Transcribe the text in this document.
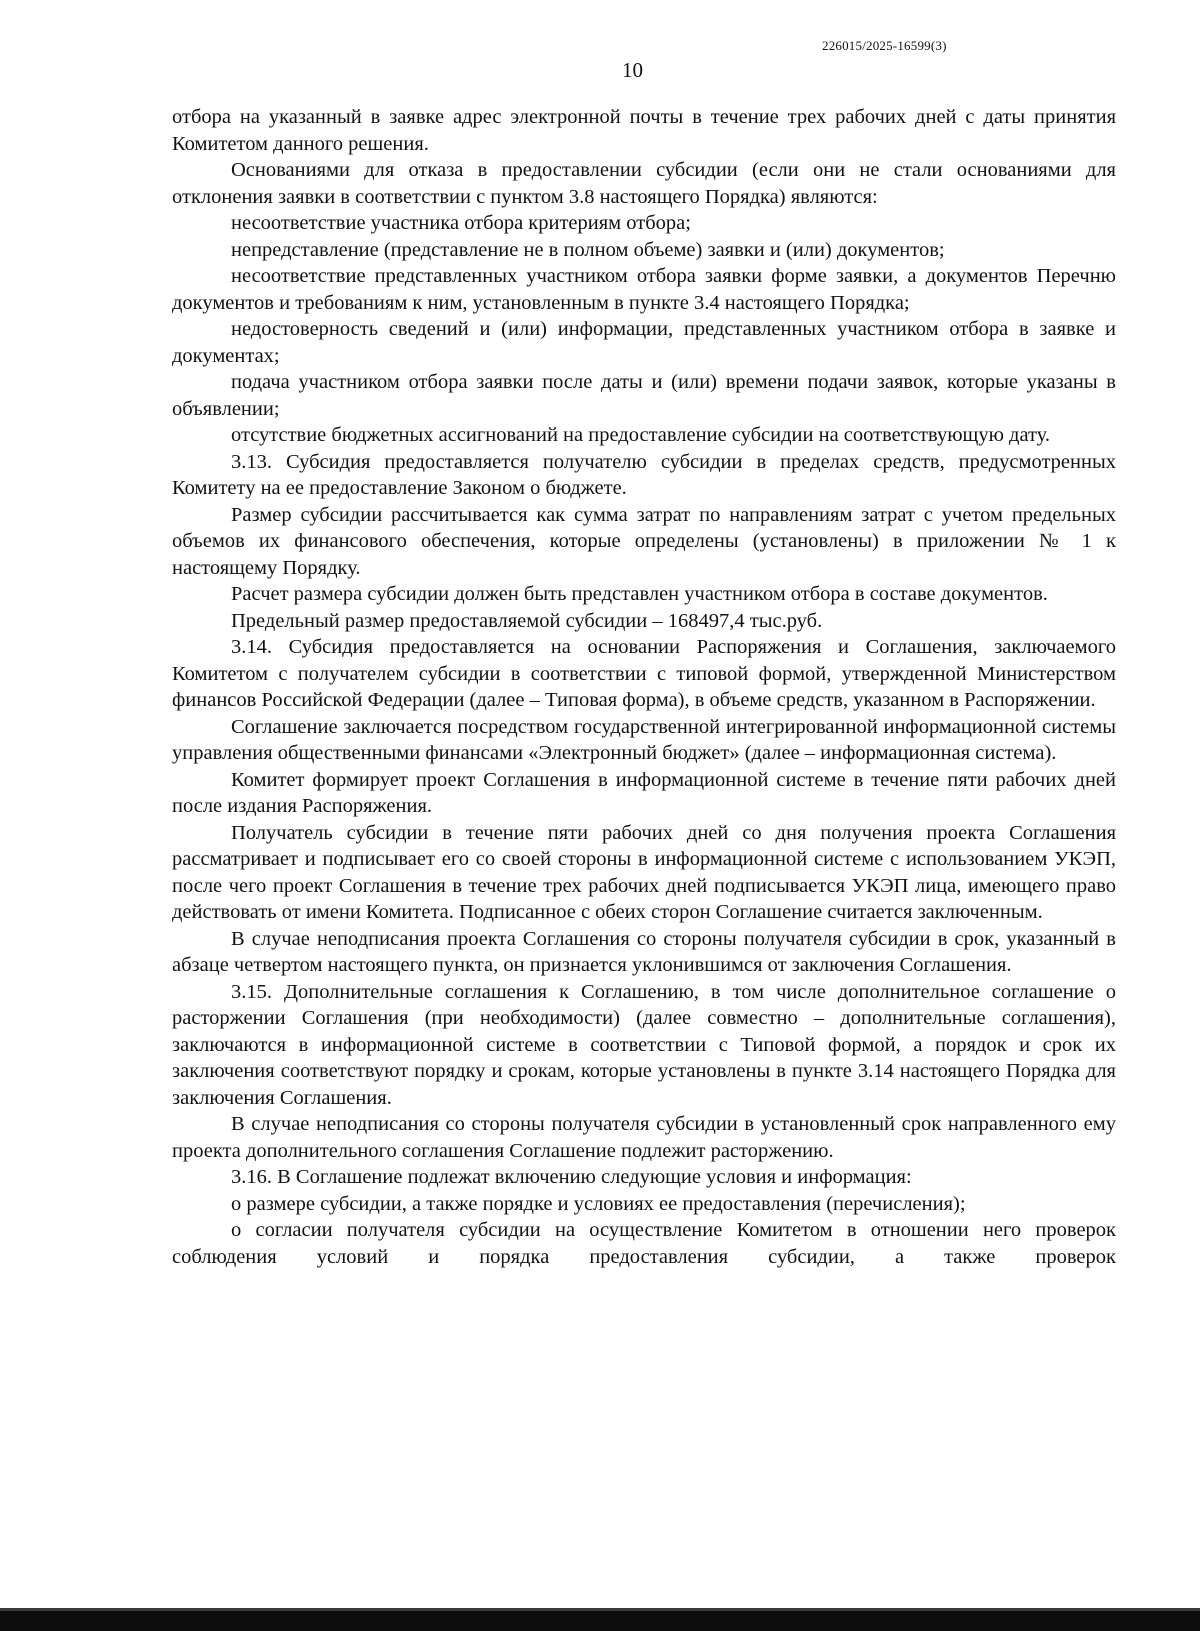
226015/2025-16599(3)
10

отбора на указанный в заявке адрес электронной почты в течение трех рабочих дней с даты принятия Комитетом данного решения.

Основаниями для отказа в предоставлении субсидии (если они не стали основаниями для отклонения заявки в соответствии с пунктом 3.8 настоящего Порядка) являются:

несоответствие участника отбора критериям отбора;

непредставление (представление не в полном объеме) заявки и (или) документов;

несоответствие представленных участником отбора заявки форме заявки, а документов Перечню документов и требованиям к ним, установленным в пункте 3.4 настоящего Порядка;

недостоверность сведений и (или) информации, представленных участником отбора в заявке и документах;

подача участником отбора заявки после даты и (или) времени подачи заявок, которые указаны в объявлении;

отсутствие бюджетных ассигнований на предоставление субсидии на соответствующую дату.

3.13. Субсидия предоставляется получателю субсидии в пределах средств, предусмотренных Комитету на ее предоставление Законом о бюджете.

Размер субсидии рассчитывается как сумма затрат по направлениям затрат с учетом предельных объемов их финансового обеспечения, которые определены (установлены) в приложении № 1 к настоящему Порядку.

Расчет размера субсидии должен быть представлен участником отбора в составе документов.

Предельный размер предоставляемой субсидии – 168497,4 тыс.руб.

3.14. Субсидия предоставляется на основании Распоряжения и Соглашения, заключаемого Комитетом с получателем субсидии в соответствии с типовой формой, утвержденной Министерством финансов Российской Федерации (далее – Типовая форма), в объеме средств, указанном в Распоряжении.

Соглашение заключается посредством государственной интегрированной информационной системы управления общественными финансами «Электронный бюджет» (далее – информационная система).

Комитет формирует проект Соглашения в информационной системе в течение пяти рабочих дней после издания Распоряжения.

Получатель субсидии в течение пяти рабочих дней со дня получения проекта Соглашения рассматривает и подписывает его со своей стороны в информационной системе с использованием УКЭП, после чего проект Соглашения в течение трех рабочих дней подписывается УКЭП лица, имеющего право действовать от имени Комитета. Подписанное с обеих сторон Соглашение считается заключенным.

В случае неподписания проекта Соглашения со стороны получателя субсидии в срок, указанный в абзаце четвертом настоящего пункта, он признается уклонившимся от заключения Соглашения.

3.15. Дополнительные соглашения к Соглашению, в том числе дополнительное соглашение о расторжении Соглашения (при необходимости) (далее совместно – дополнительные соглашения), заключаются в информационной системе в соответствии с Типовой формой, а порядок и срок их заключения соответствуют порядку и срокам, которые установлены в пункте 3.14 настоящего Порядка для заключения Соглашения.

В случае неподписания со стороны получателя субсидии в установленный срок направленного ему проекта дополнительного соглашения Соглашение подлежит расторжению.

3.16. В Соглашение подлежат включению следующие условия и информация:

о размере субсидии, а также порядке и условиях ее предоставления (перечисления);

о согласии получателя субсидии на осуществление Комитетом в отношении него проверок соблюдения условий и порядка предоставления субсидии, а также проверок
